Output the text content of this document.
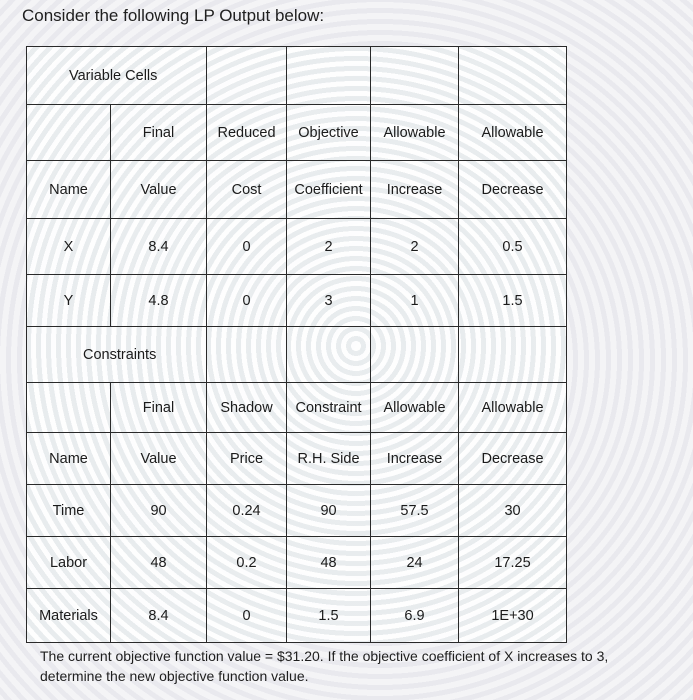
Consider the following LP Output below:
Variable Cells					
	Final	Reduced	Objective	Allowable	Allowable
Name	Value	Cost	Coefficient	Increase	Decrease
X	8.4	0	2	2	0.5
Y	4.8	0	3	1	1.5
Constraints					
	Final	Shadow	Constraint	Allowable	Allowable
Name	Value	Price	R.H. Side	Increase	Decrease
Time	90	0.24	90	57.5	30
Labor	48	0.2	48	24	17.25
Materials	8.4	0	1.5	6.9	1E+30
The current objective function value = $31.20. If the objective coefficient of X increases to 3,
determine the new objective function value.
